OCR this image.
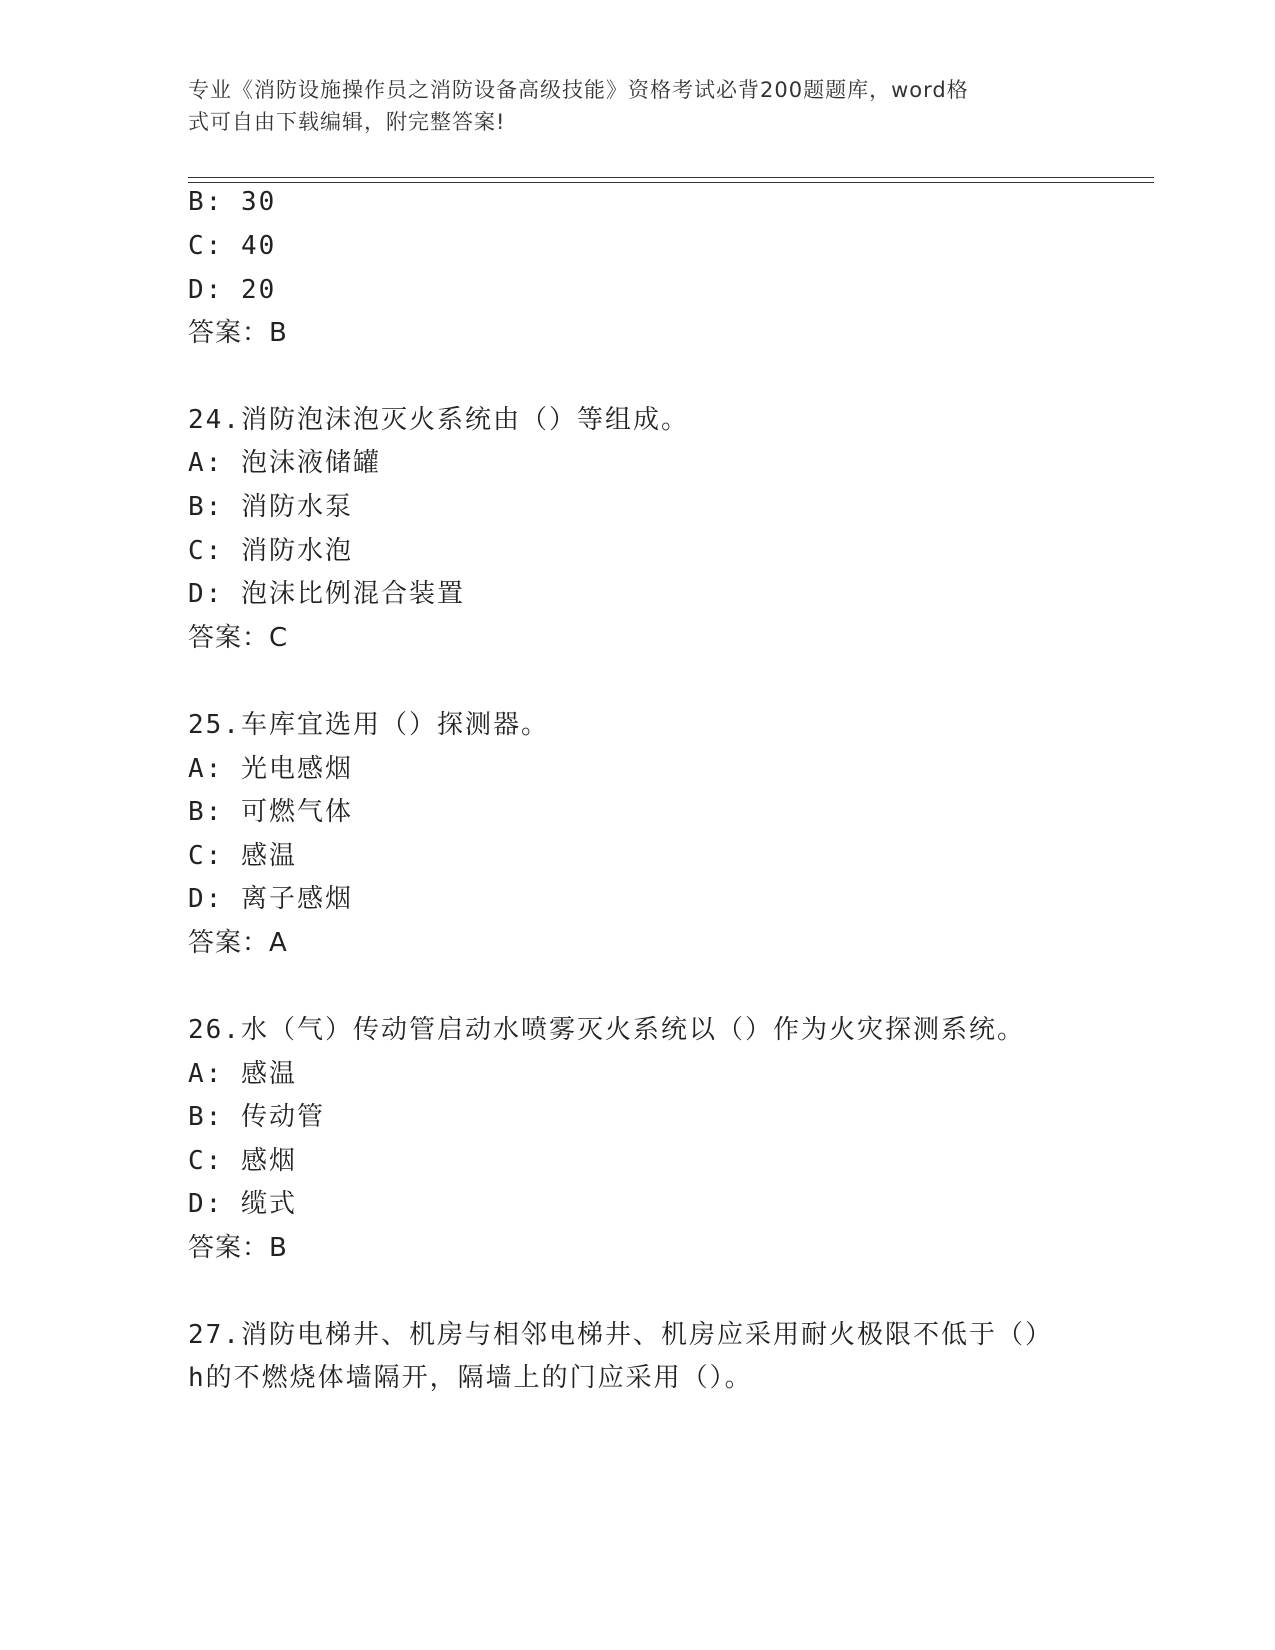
专业《消防设施操作员之消防设备高级技能》资格考试必背200题题库，word格
式可自由下载编辑，附完整答案!
B: 30
C: 40
D: 20
答案：B
24.消防泡沫泡灭火系统由（）等组成。
A: 泡沫液储罐
B: 消防水泵
C: 消防水泡
D: 泡沫比例混合装置
答案：C
25.车库宜选用（）探测器。
A: 光电感烟
B: 可燃气体
C: 感温
D: 离子感烟
答案：A
26.水（气）传动管启动水喷雾灭火系统以（）作为火灾探测系统。
A: 感温
B: 传动管
C: 感烟
D: 缆式
答案：B
27.消防电梯井、机房与相邻电梯井、机房应采用耐火极限不低于（）
h的不燃烧体墙隔开，隔墙上的门应采用（）。
